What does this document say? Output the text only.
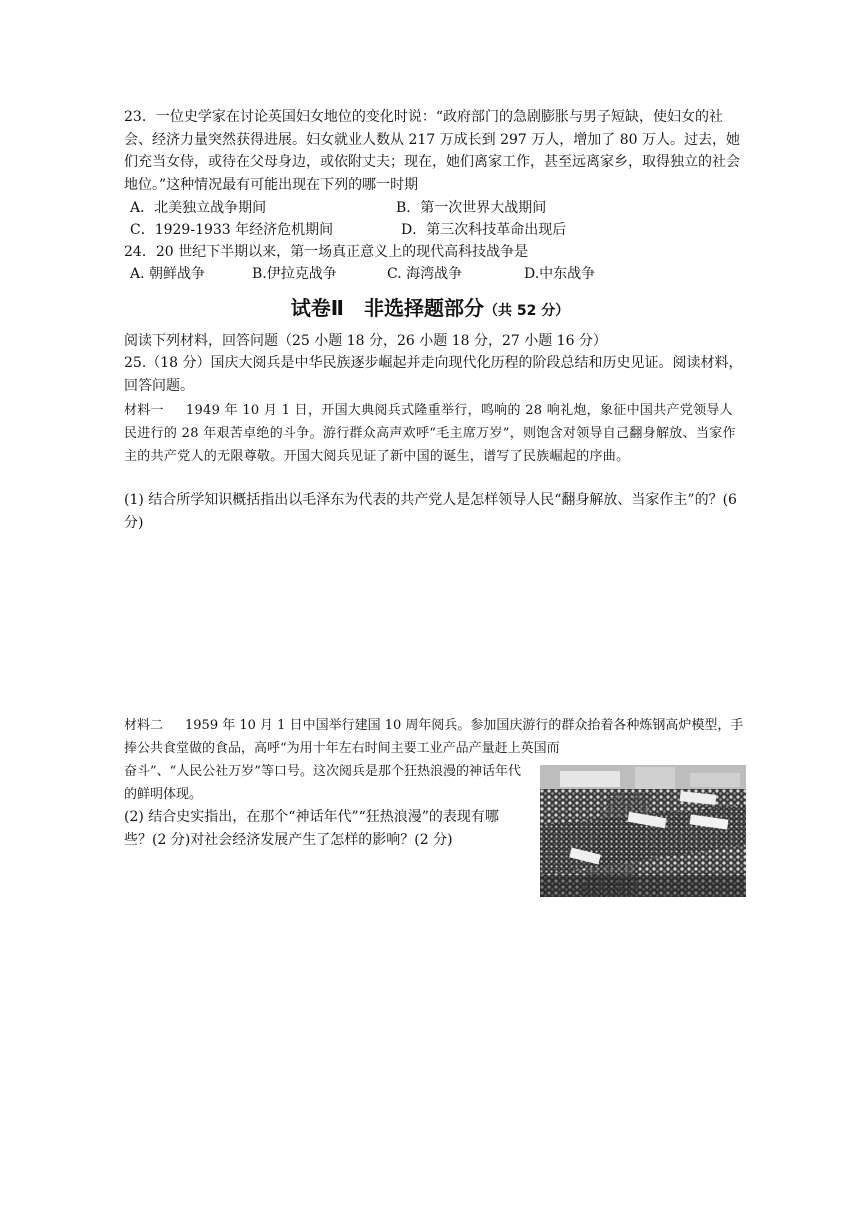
23．一位史学家在讨论英国妇女地位的变化时说：“政府部门的急剧膨胀与男子短缺，使妇女的社会、经济力量突然获得进展。妇女就业人数从 217 万成长到 297 万人，增加了 80 万人。过去，她们充当女侍，或待在父母身边，或依附丈夫；现在，她们离家工作，甚至远离家乡，取得独立的社会地位。”这种情况最有可能出现在下列的哪一时期

A．北美独立战争期间	B．第一次世界大战期间
C．1929-1933 年经济危机期间	D．第三次科技革命出现后
24．20 世纪下半期以来，第一场真正意义上的现代高科技战争是
A. 朝鲜战争	B.伊拉克战争	C. 海湾战争	D.中东战争
试卷Ⅱ　非选择题部分（共 52 分）
阅读下列材料，回答问题（25 小题 18 分，26 小题 18 分，27 小题 16 分）

25.（18 分）国庆大阅兵是中华民族逐步崛起并走向现代化历程的阶段总结和历史见证。阅读材料，回答问题。

材料一 1949 年 10 月 1 日，开国大典阅兵式隆重举行，鸣响的 28 响礼炮，象征中国共产党领导人民进行的 28 年艰苦卓绝的斗争。游行群众高声欢呼“毛主席万岁”，则饱含对领导自己翻身解放、当家作主的共产党人的无限尊敬。开国大阅兵见证了新中国的诞生，谱写了民族崛起的序曲。

(1) 结合所学知识概括指出以毛泽东为代表的共产党人是怎样领导人民“翻身解放、当家作主”的？(6 分)

材料二 1959 年 10 月 1 日中国举行建国 10 周年阅兵。参加国庆游行的群众抬着各种炼钢高炉模型，手捧公共食堂做的食品，高呼“为用十年左右时间主要工业产品产量赶上英国而

奋斗”、“人民公社万岁”等口号。这次阅兵是那个狂热浪漫的神话年代的鲜明体现。

(2) 结合史实指出，在那个“神话年代”“狂热浪漫”的表现有哪些？(2 分)对社会经济发展产生了怎样的影响？(2 分)
